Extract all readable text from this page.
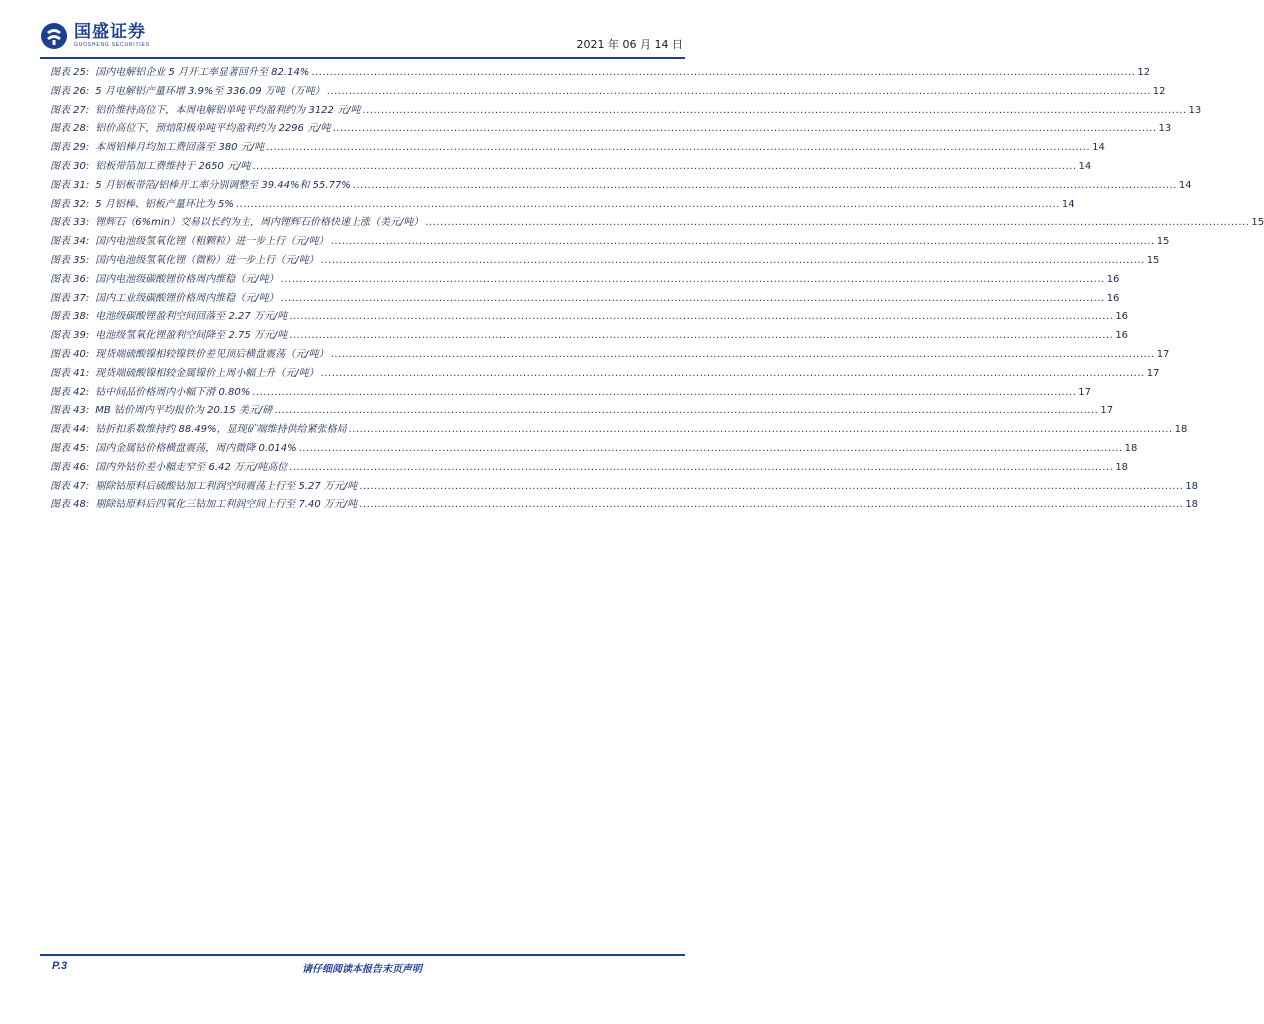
国盛证券
GUOSHENG SECURITIES	2021 年 06 月 14 日
图表 25: 国内电解铝企业 5 月开工率显著回升至 82.14% .....	12
图表 26: 5 月电解铝产量环增 3.9%至 336.09 万吨（万吨） .....	12
图表 27: 铝价维持高位下，本周电解铝单吨平均盈利约为 3122 元/吨 .....	13
图表 28: 铝价高位下，预焙阳极单吨平均盈利约为 2296 元/吨 .....	13
图表 29: 本周铝棒月均加工费回落至 380 元/吨 .....	14
图表 30: 铝板带箔加工费维持于 2650 元/吨 .....	14
图表 31: 5 月铝板带箔/铝棒开工率分别调整至 39.44%和 55.77% .....	14
图表 32: 5 月铝棒、铝板产量环比为 5% .....	14
图表 33: 锂辉石（6%min）交易以长约为主，周内锂辉石价格快速上涨（美元/吨） .....	15
图表 34: 国内电池级氢氧化锂（粗颗粒）进一步上行（元/吨） .....	15
图表 35: 国内电池级氢氧化锂（微粉）进一步上行（元/吨） .....	15
图表 36: 国内电池级碳酸锂价格周内维稳（元/吨） .....	16
图表 37: 国内工业级碳酸锂价格周内维稳（元/吨） .....	16
图表 38: 电池级碳酸锂盈利空间回落至 2.27 万元/吨 .....	16
图表 39: 电池级氢氧化锂盈利空间降至 2.75 万元/吨 .....	16
图表 40: 现货端硫酸镍相较镍铁价差见顶后横盘震荡（元/吨） .....	17
图表 41: 现货端硫酸镍相较金属镍价上周小幅上升（元/吨） .....	17
图表 42: 钴中间品价格周内小幅下滑 0.80% .....	17
图表 43: MB 钴价周内平均报价为 20.15 美元/磅 .....	17
图表 44: 钴折扣系数维持约 88.49%，显现矿端维持供给紧张格局 .....	18
图表 45: 国内金属钴价格横盘震荡，周内微降 0.014% .....	18
图表 46: 国内外钴价差小幅走窄至 6.42 万元/吨高位 .....	18
图表 47: 剔除钴原料后硫酸钴加工利润空间震荡上行至 5.27 万元/吨 .....	18
图表 48: 剔除钴原料后四氧化三钴加工利润空间上行至 7.40 万元/吨 .....	18
P.3	请仔细阅读本报告末页声明
